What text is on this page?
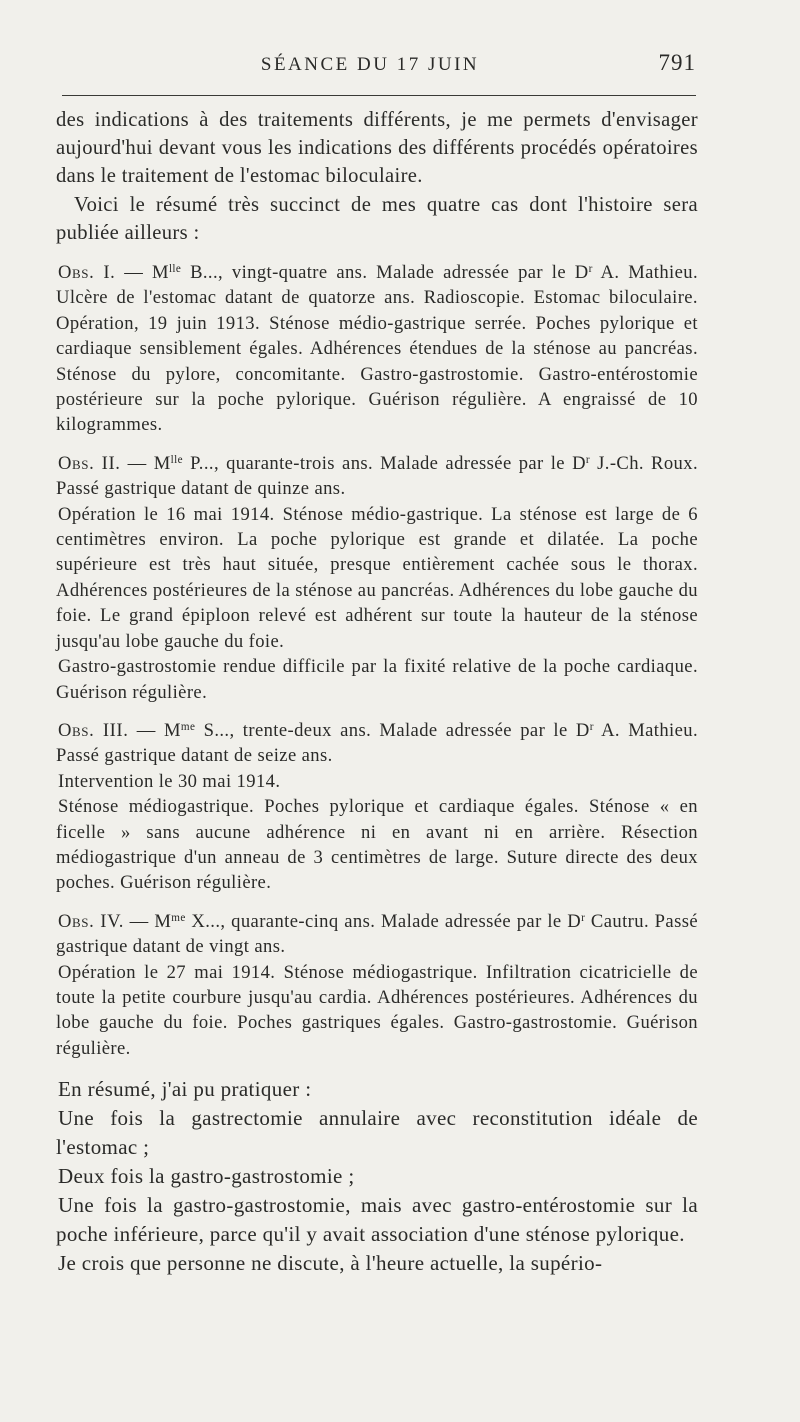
SÉANCE DU 17 JUIN	791

des indications à des traitements différents, je me permets d'envisager aujourd'hui devant vous les indications des différents procédés opératoires dans le traitement de l'estomac biloculaire.

Voici le résumé très succinct de mes quatre cas dont l'histoire sera publiée ailleurs :

Obs. I. — $M^{lle}$ B..., vingt-quatre ans. Malade adressée par le $D^r$ A. Mathieu. Ulcère de l'estomac datant de quatorze ans. Radioscopie. Estomac biloculaire. Opération, 19 juin 1913. Sténose médio-gastrique serrée. Poches pylorique et cardiaque sensiblement égales. Adhérences étendues de la sténose au pancréas. Sténose du pylore, concomitante. Gastro-gastrostomie. Gastro-entérostomie postérieure sur la poche pylorique. Guérison régulière. A engraissé de 10 kilogrammes.

Obs. II. — $M^{lle}$ P..., quarante-trois ans. Malade adressée par le $D^r$ J.-Ch. Roux. Passé gastrique datant de quinze ans.

Opération le 16 mai 1914. Sténose médio-gastrique. La sténose est large de 6 centimètres environ. La poche pylorique est grande et dilatée. La poche supérieure est très haut située, presque entièrement cachée sous le thorax. Adhérences postérieures de la sténose au pancréas. Adhérences du lobe gauche du foie. Le grand épiploon relevé est adhérent sur toute la hauteur de la sténose jusqu'au lobe gauche du foie.

Gastro-gastrostomie rendue difficile par la fixité relative de la poche cardiaque. Guérison régulière.

Obs. III. — $M^{me}$ S..., trente-deux ans. Malade adressée par le $D^r$ A. Mathieu. Passé gastrique datant de seize ans.

Intervention le 30 mai 1914.

Sténose médiogastrique. Poches pylorique et cardiaque égales. Sténose « en ficelle » sans aucune adhérence ni en avant ni en arrière. Résection médiogastrique d'un anneau de 3 centimètres de large. Suture directe des deux poches. Guérison régulière.

Obs. IV. — $M^{me}$ X..., quarante-cinq ans. Malade adressée par le $D^r$ Cautru. Passé gastrique datant de vingt ans.

Opération le 27 mai 1914. Sténose médiogastrique. Infiltration cicatricielle de toute la petite courbure jusqu'au cardia. Adhérences postérieures. Adhérences du lobe gauche du foie. Poches gastriques égales. Gastro-gastrostomie. Guérison régulière.

En résumé, j'ai pu pratiquer :

Une fois la gastrectomie annulaire avec reconstitution idéale de l'estomac ;

Deux fois la gastro-gastrostomie ;

Une fois la gastro-gastrostomie, mais avec gastro-entérostomie sur la poche inférieure, parce qu'il y avait association d'une sténose pylorique.

Je crois que personne ne discute, à l'heure actuelle, la supério-
